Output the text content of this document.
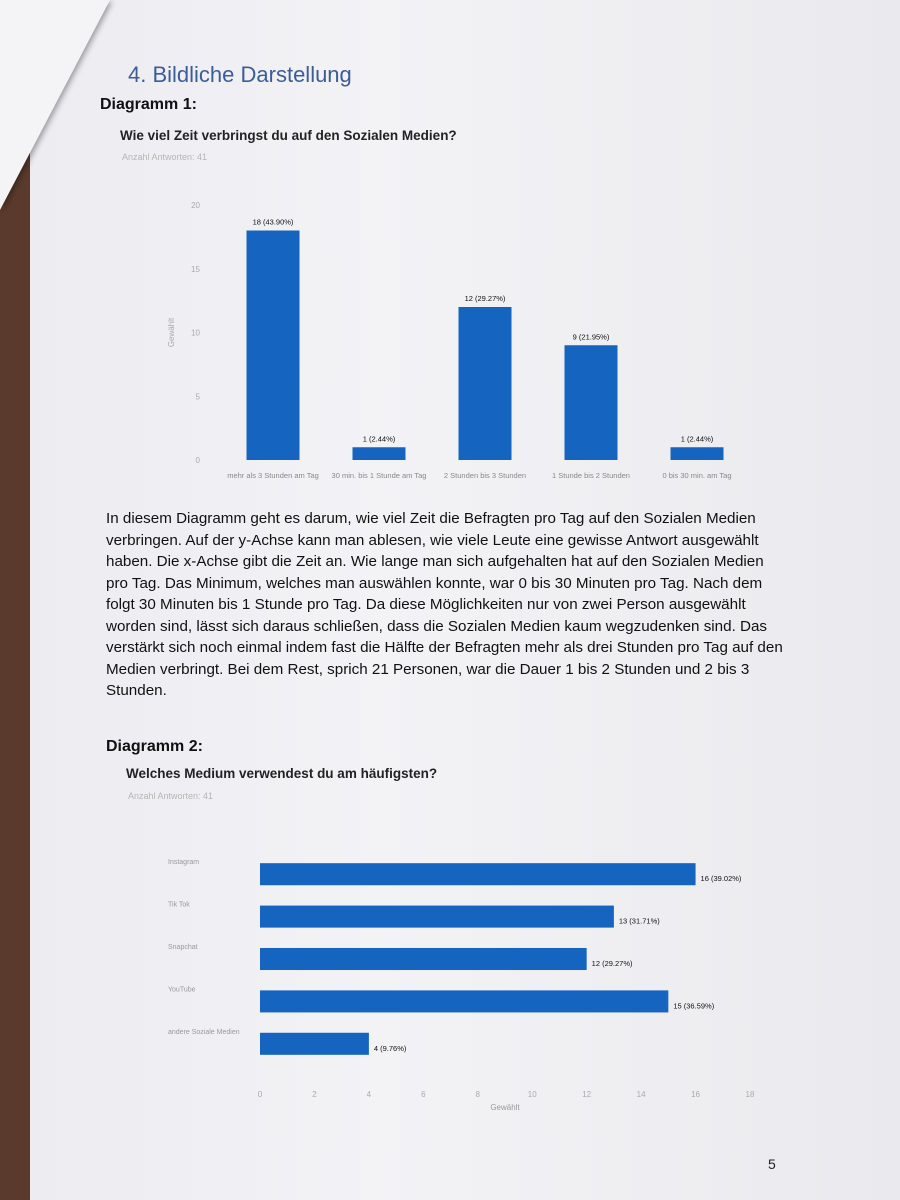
4. Bildliche Darstellung
Diagramm 1:
Wie viel Zeit verbringst du auf den Sozialen Medien?
Anzahl Antworten: 41
0
5
10
15
20
Gewählt
18 (43.90%)
mehr als 3 Stunden am Tag
1 (2.44%)
30 min. bis 1 Stunde am Tag
12 (29.27%)
2 Stunden bis 3 Stunden
9 (21.95%)
1 Stunde bis 2 Stunden
1 (2.44%)
0 bis 30 min. am Tag
In diesem Diagramm geht es darum, wie viel Zeit die Befragten pro Tag auf den Sozialen Medien verbringen. Auf der y-Achse kann man ablesen, wie viele Leute eine gewisse Antwort ausgewählt haben. Die x-Achse gibt die Zeit an. Wie lange man sich aufgehalten hat auf den Sozialen Medien pro Tag. Das Minimum, welches man auswählen konnte, war 0 bis 30 Minuten pro Tag. Nach dem folgt 30 Minuten bis 1 Stunde pro Tag. Da diese Möglichkeiten nur von zwei Person ausgewählt worden sind, lässt sich daraus schließen, dass die Sozialen Medien kaum wegzudenken sind. Das verstärkt sich noch einmal indem fast die Hälfte der Befragten mehr als drei Stunden pro Tag auf den Medien verbringt. Bei dem Rest, sprich 21 Personen, war die Dauer 1 bis 2 Stunden und 2 bis 3 Stunden.
Diagramm 2:
Welches Medium verwendest du am häufigsten?
Anzahl Antworten: 41
16 (39.02%)
Instagram
13 (31.71%)
Tik Tok
12 (29.27%)
Snapchat
15 (36.59%)
YouTube
4 (9.76%)
andere Soziale Medien
0	2	4	6	8	10	12	14	16	18
Gewählt
5
